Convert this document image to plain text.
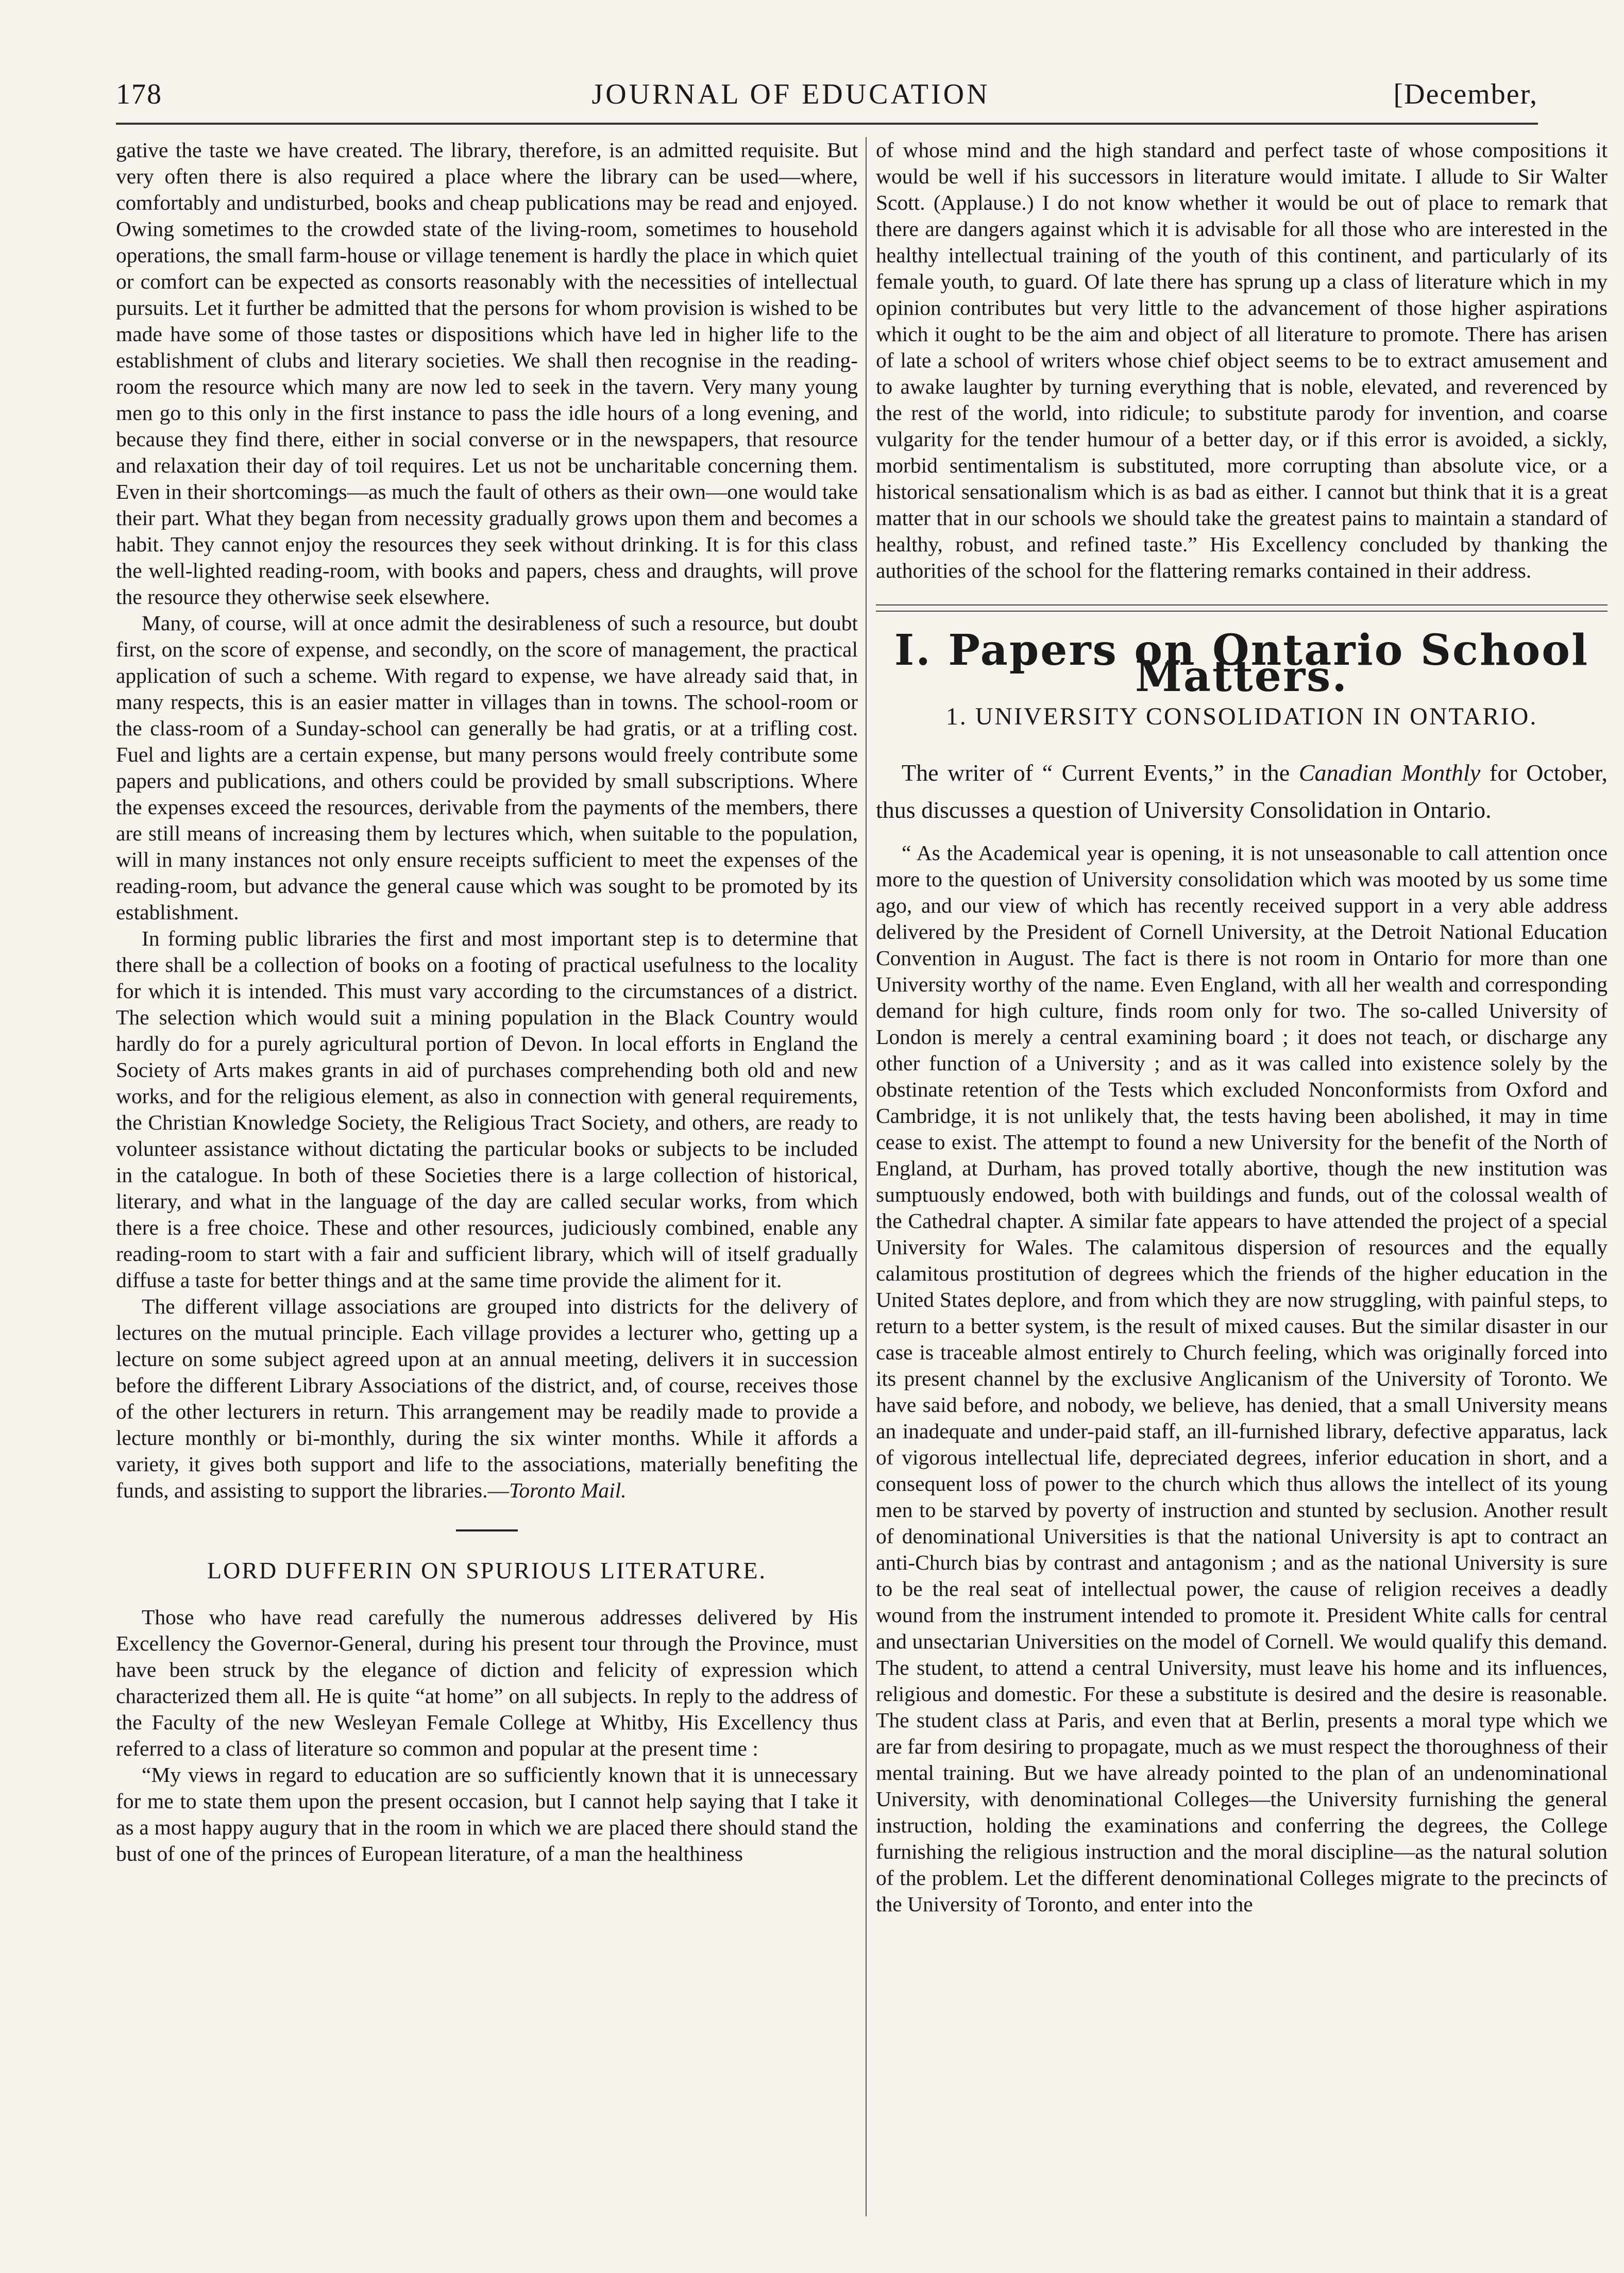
178	JOURNAL OF EDUCATION	[December,

gative the taste we have created. The library, therefore, is an admitted requisite. But very often there is also required a place where the library can be used—where, comfortably and undisturbed, books and cheap publications may be read and enjoyed. Owing sometimes to the crowded state of the living-room, sometimes to household operations, the small farm-house or village tenement is hardly the place in which quiet or comfort can be expected as consorts reasonably with the necessities of intellectual pursuits. Let it further be admitted that the persons for whom provision is wished to be made have some of those tastes or dispositions which have led in higher life to the establishment of clubs and literary societies. We shall then recognise in the reading-room the resource which many are now led to seek in the tavern. Very many young men go to this only in the first instance to pass the idle hours of a long evening, and because they find there, either in social converse or in the newspapers, that resource and relaxation their day of toil requires. Let us not be uncharitable concerning them. Even in their shortcomings—as much the fault of others as their own—one would take their part. What they began from necessity gradually grows upon them and becomes a habit. They cannot enjoy the resources they seek without drinking. It is for this class the well-lighted reading-room, with books and papers, chess and draughts, will prove the resource they otherwise seek elsewhere.

Many, of course, will at once admit the desirableness of such a resource, but doubt first, on the score of expense, and secondly, on the score of management, the practical application of such a scheme. With regard to expense, we have already said that, in many respects, this is an easier matter in villages than in towns. The school-room or the class-room of a Sunday-school can generally be had gratis, or at a trifling cost. Fuel and lights are a certain expense, but many persons would freely contribute some papers and publications, and others could be provided by small subscriptions. Where the expenses exceed the resources, derivable from the payments of the members, there are still means of increasing them by lectures which, when suitable to the population, will in many instances not only ensure receipts sufficient to meet the expenses of the reading-room, but advance the general cause which was sought to be promoted by its establishment.

In forming public libraries the first and most important step is to determine that there shall be a collection of books on a footing of practical usefulness to the locality for which it is intended. This must vary according to the circumstances of a district. The selection which would suit a mining population in the Black Country would hardly do for a purely agricultural portion of Devon. In local efforts in England the Society of Arts makes grants in aid of purchases comprehending both old and new works, and for the religious element, as also in connection with general requirements, the Christian Knowledge Society, the Religious Tract Society, and others, are ready to volunteer assistance without dictating the particular books or subjects to be included in the catalogue. In both of these Societies there is a large collection of historical, literary, and what in the language of the day are called secular works, from which there is a free choice. These and other resources, judiciously combined, enable any reading-room to start with a fair and sufficient library, which will of itself gradually diffuse a taste for better things and at the same time provide the aliment for it.

The different village associations are grouped into districts for the delivery of lectures on the mutual principle. Each village provides a lecturer who, getting up a lecture on some subject agreed upon at an annual meeting, delivers it in succession before the different Library Associations of the district, and, of course, receives those of the other lecturers in return. This arrangement may be readily made to provide a lecture monthly or bi-monthly, during the six winter months. While it affords a variety, it gives both support and life to the associations, materially benefiting the funds, and assisting to support the libraries.—Toronto Mail.

LORD DUFFERIN ON SPURIOUS LITERATURE.

Those who have read carefully the numerous addresses delivered by His Excellency the Governor-General, during his present tour through the Province, must have been struck by the elegance of diction and felicity of expression which characterized them all. He is quite “at home” on all subjects. In reply to the address of the Faculty of the new Wesleyan Female College at Whitby, His Excellency thus referred to a class of literature so common and popular at the present time :

“My views in regard to education are so sufficiently known that it is unnecessary for me to state them upon the present occasion, but I cannot help saying that I take it as a most happy augury that in the room in which we are placed there should stand the bust of one of the princes of European literature, of a man the healthiness

of whose mind and the high standard and perfect taste of whose compositions it would be well if his successors in literature would imitate. I allude to Sir Walter Scott. (Applause.) I do not know whether it would be out of place to remark that there are dangers against which it is advisable for all those who are interested in the healthy intellectual training of the youth of this continent, and particularly of its female youth, to guard. Of late there has sprung up a class of literature which in my opinion contributes but very little to the advancement of those higher aspirations which it ought to be the aim and object of all literature to promote. There has arisen of late a school of writers whose chief object seems to be to extract amusement and to awake laughter by turning everything that is noble, elevated, and reverenced by the rest of the world, into ridicule; to substitute parody for invention, and coarse vulgarity for the tender humour of a better day, or if this error is avoided, a sickly, morbid sentimentalism is substituted, more corrupting than absolute vice, or a historical sensationalism which is as bad as either. I cannot but think that it is a great matter that in our schools we should take the greatest pains to maintain a standard of healthy, robust, and refined taste.” His Excellency concluded by thanking the authorities of the school for the flattering remarks contained in their address.

I. Papers on Ontario School Matters.
1. UNIVERSITY CONSOLIDATION IN ONTARIO.

The writer of “ Current Events,” in the Canadian Monthly for October, thus discusses a question of University Consolidation in Ontario.

“ As the Academical year is opening, it is not unseasonable to call attention once more to the question of University consolidation which was mooted by us some time ago, and our view of which has recently received support in a very able address delivered by the President of Cornell University, at the Detroit National Education Convention in August. The fact is there is not room in Ontario for more than one University worthy of the name. Even England, with all her wealth and corresponding demand for high culture, finds room only for two. The so-called University of London is merely a central examining board ; it does not teach, or discharge any other function of a University ; and as it was called into existence solely by the obstinate retention of the Tests which excluded Nonconformists from Oxford and Cambridge, it is not unlikely that, the tests having been abolished, it may in time cease to exist. The attempt to found a new University for the benefit of the North of England, at Durham, has proved totally abortive, though the new institution was sumptuously endowed, both with buildings and funds, out of the colossal wealth of the Cathedral chapter. A similar fate appears to have attended the project of a special University for Wales. The calamitous dispersion of resources and the equally calamitous prostitution of degrees which the friends of the higher education in the United States deplore, and from which they are now struggling, with painful steps, to return to a better system, is the result of mixed causes. But the similar disaster in our case is traceable almost entirely to Church feeling, which was originally forced into its present channel by the exclusive Anglicanism of the University of Toronto. We have said before, and nobody, we believe, has denied, that a small University means an inadequate and under-paid staff, an ill-furnished library, defective apparatus, lack of vigorous intellectual life, depreciated degrees, inferior education in short, and a consequent loss of power to the church which thus allows the intellect of its young men to be starved by poverty of instruction and stunted by seclusion. Another result of denominational Universities is that the national University is apt to contract an anti-Church bias by contrast and antagonism ; and as the national University is sure to be the real seat of intellectual power, the cause of religion receives a deadly wound from the instrument intended to promote it. President White calls for central and unsectarian Universities on the model of Cornell. We would qualify this demand. The student, to attend a central University, must leave his home and its influences, religious and domestic. For these a substitute is desired and the desire is reasonable. The student class at Paris, and even that at Berlin, presents a moral type which we are far from desiring to propagate, much as we must respect the thoroughness of their mental training. But we have already pointed to the plan of an undenominational University, with denominational Colleges—the University furnishing the general instruction, holding the examinations and conferring the degrees, the College furnishing the religious instruction and the moral discipline—as the natural solution of the problem. Let the different denominational Colleges migrate to the precincts of the University of Toronto, and enter into the
